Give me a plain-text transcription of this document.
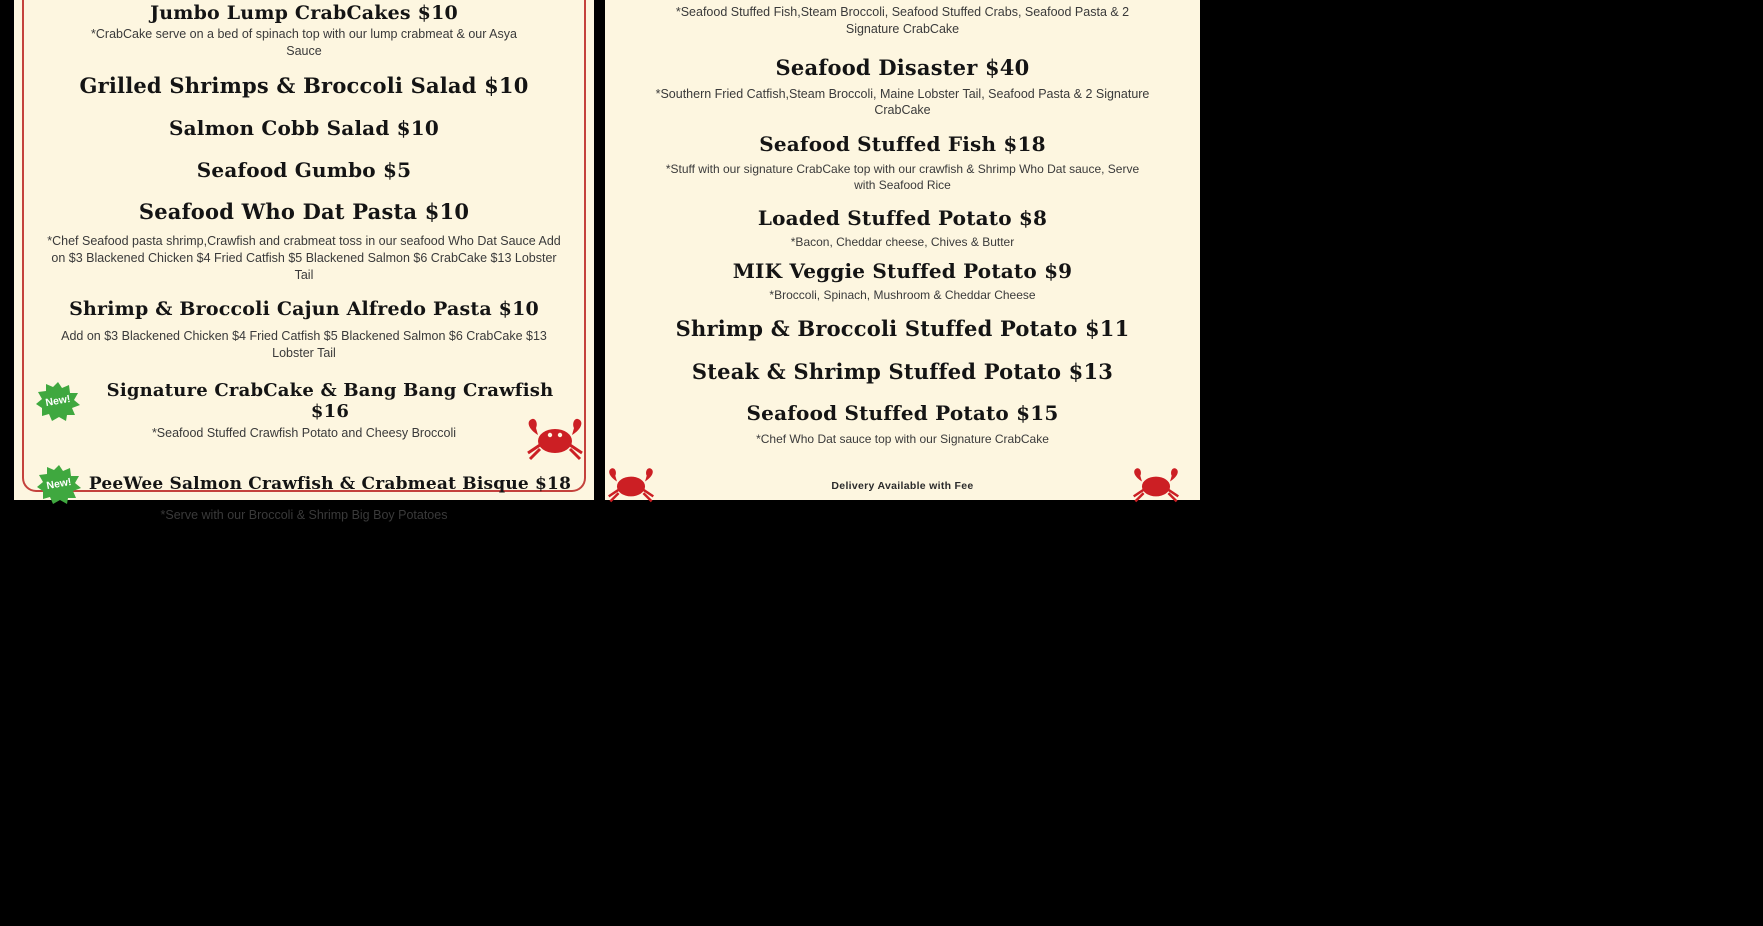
Jumbo Lump CrabCakes $10
*CrabCake serve on a bed of spinach top with our lump crabmeat & our Asya Sauce
Grilled Shrimps & Broccoli Salad $10
Salmon Cobb Salad $10
Seafood Gumbo $5
Seafood Who Dat Pasta $10
*Chef Seafood pasta shrimp,Crawfish and crabmeat toss in our seafood Who Dat Sauce Add on $3 Blackened Chicken $4 Fried Catfish $5 Blackened Salmon $6 CrabCake $13 Lobster Tail
Shrimp & Broccoli Cajun Alfredo Pasta $10
Add on $3 Blackened Chicken $4 Fried Catfish $5 Blackened Salmon $6 CrabCake $13 Lobster Tail
New!
Signature CrabCake & Bang Bang Crawfish $16
*Seafood Stuffed Crawfish Potato and Cheesy Broccoli
New! PeeWee Salmon Crawfish & Crabmeat Bisque $18
*Serve with our Broccoli & Shrimp Big Boy Potatoes
*Seafood Stuffed Fish,Steam Broccoli, Seafood Stuffed Crabs, Seafood Pasta & 2 Signature CrabCake
Seafood Disaster $40
*Southern Fried Catfish,Steam Broccoli, Maine Lobster Tail, Seafood Pasta & 2 Signature CrabCake
Seafood Stuffed Fish $18
*Stuff with our signature CrabCake top with our crawfish & Shrimp Who Dat sauce, Serve with Seafood Rice
Loaded Stuffed Potato $8
*Bacon, Cheddar cheese, Chives & Butter
MIK Veggie Stuffed Potato $9
*Broccoli, Spinach, Mushroom & Cheddar Cheese
Shrimp & Broccoli Stuffed Potato $11
Steak & Shrimp Stuffed Potato $13
Seafood Stuffed Potato $15
*Chef Who Dat sauce top with our Signature CrabCake
Delivery Available with Fee
